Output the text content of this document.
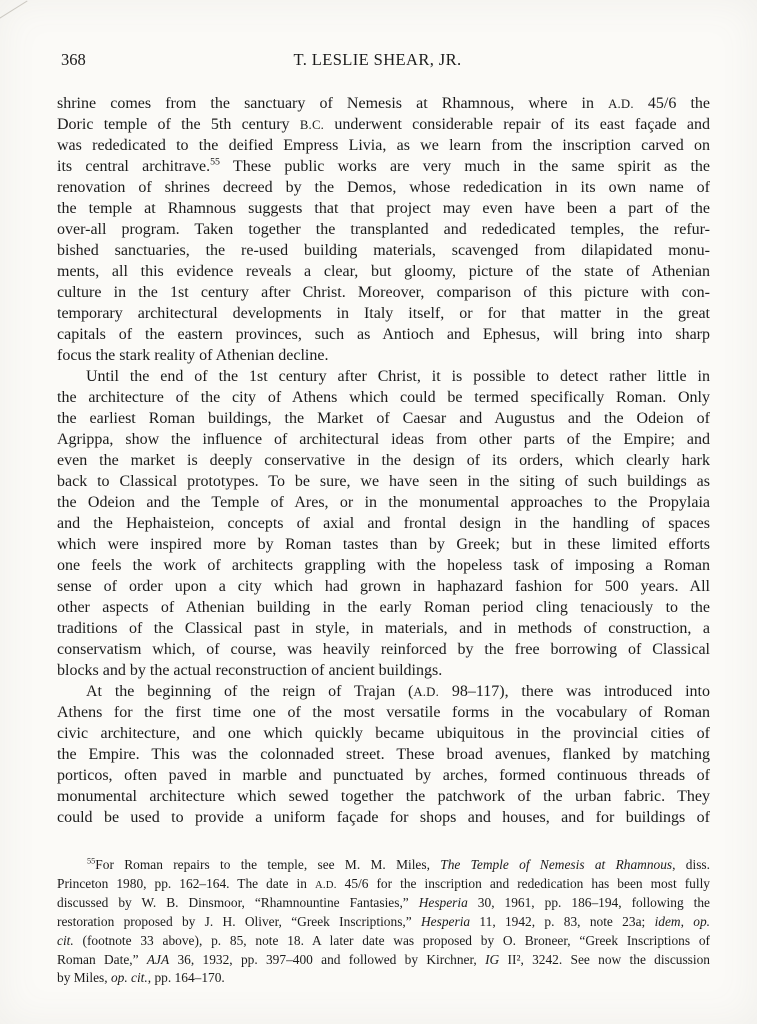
368	T. LESLIE SHEAR, JR.
shrine comes from the sanctuary of Nemesis at Rhamnous, where in A.D. 45/6 the
Doric temple of the 5th century B.C. underwent considerable repair of its east façade and
was rededicated to the deified Empress Livia, as we learn from the inscription carved on
its central architrave.$^{55}$ These public works are very much in the same spirit as the
renovation of shrines decreed by the Demos, whose rededication in its own name of
the temple at Rhamnous suggests that that project may even have been a part of the
over-all program. Taken together the transplanted and rededicated temples, the refur-
bished sanctuaries, the re-used building materials, scavenged from dilapidated monu-
ments, all this evidence reveals a clear, but gloomy, picture of the state of Athenian
culture in the 1st century after Christ. Moreover, comparison of this picture with con-
temporary architectural developments in Italy itself, or for that matter in the great
capitals of the eastern provinces, such as Antioch and Ephesus, will bring into sharp
focus the stark reality of Athenian decline.
Until the end of the 1st century after Christ, it is possible to detect rather little in
the architecture of the city of Athens which could be termed specifically Roman. Only
the earliest Roman buildings, the Market of Caesar and Augustus and the Odeion of
Agrippa, show the influence of architectural ideas from other parts of the Empire; and
even the market is deeply conservative in the design of its orders, which clearly hark
back to Classical prototypes. To be sure, we have seen in the siting of such buildings as
the Odeion and the Temple of Ares, or in the monumental approaches to the Propylaia
and the Hephaisteion, concepts of axial and frontal design in the handling of spaces
which were inspired more by Roman tastes than by Greek; but in these limited efforts
one feels the work of architects grappling with the hopeless task of imposing a Roman
sense of order upon a city which had grown in haphazard fashion for 500 years. All
other aspects of Athenian building in the early Roman period cling tenaciously to the
traditions of the Classical past in style, in materials, and in methods of construction, a
conservatism which, of course, was heavily reinforced by the free borrowing of Classical
blocks and by the actual reconstruction of ancient buildings.
At the beginning of the reign of Trajan (A.D. 98–117), there was introduced into
Athens for the first time one of the most versatile forms in the vocabulary of Roman
civic architecture, and one which quickly became ubiquitous in the provincial cities of
the Empire. This was the colonnaded street. These broad avenues, flanked by matching
porticos, often paved in marble and punctuated by arches, formed continuous threads of
monumental architecture which sewed together the patchwork of the urban fabric. They
could be used to provide a uniform façade for shops and houses, and for buildings of
$^{55}$For Roman repairs to the temple, see M. M. Miles, The Temple of Nemesis at Rhamnous, diss.
Princeton 1980, pp. 162–164. The date in A.D. 45/6 for the inscription and rededication has been most fully
discussed by W. B. Dinsmoor, “Rhamnountine Fantasies,” Hesperia 30, 1961, pp. 186–194, following the
restoration proposed by J. H. Oliver, “Greek Inscriptions,” Hesperia 11, 1942, p. 83, note 23a; idem, op.
cit. (footnote 33 above), p. 85, note 18. A later date was proposed by O. Broneer, “Greek Inscriptions of
Roman Date,” AJA 36, 1932, pp. 397–400 and followed by Kirchner, IG II², 3242. See now the discussion
by Miles, op. cit., pp. 164–170.
